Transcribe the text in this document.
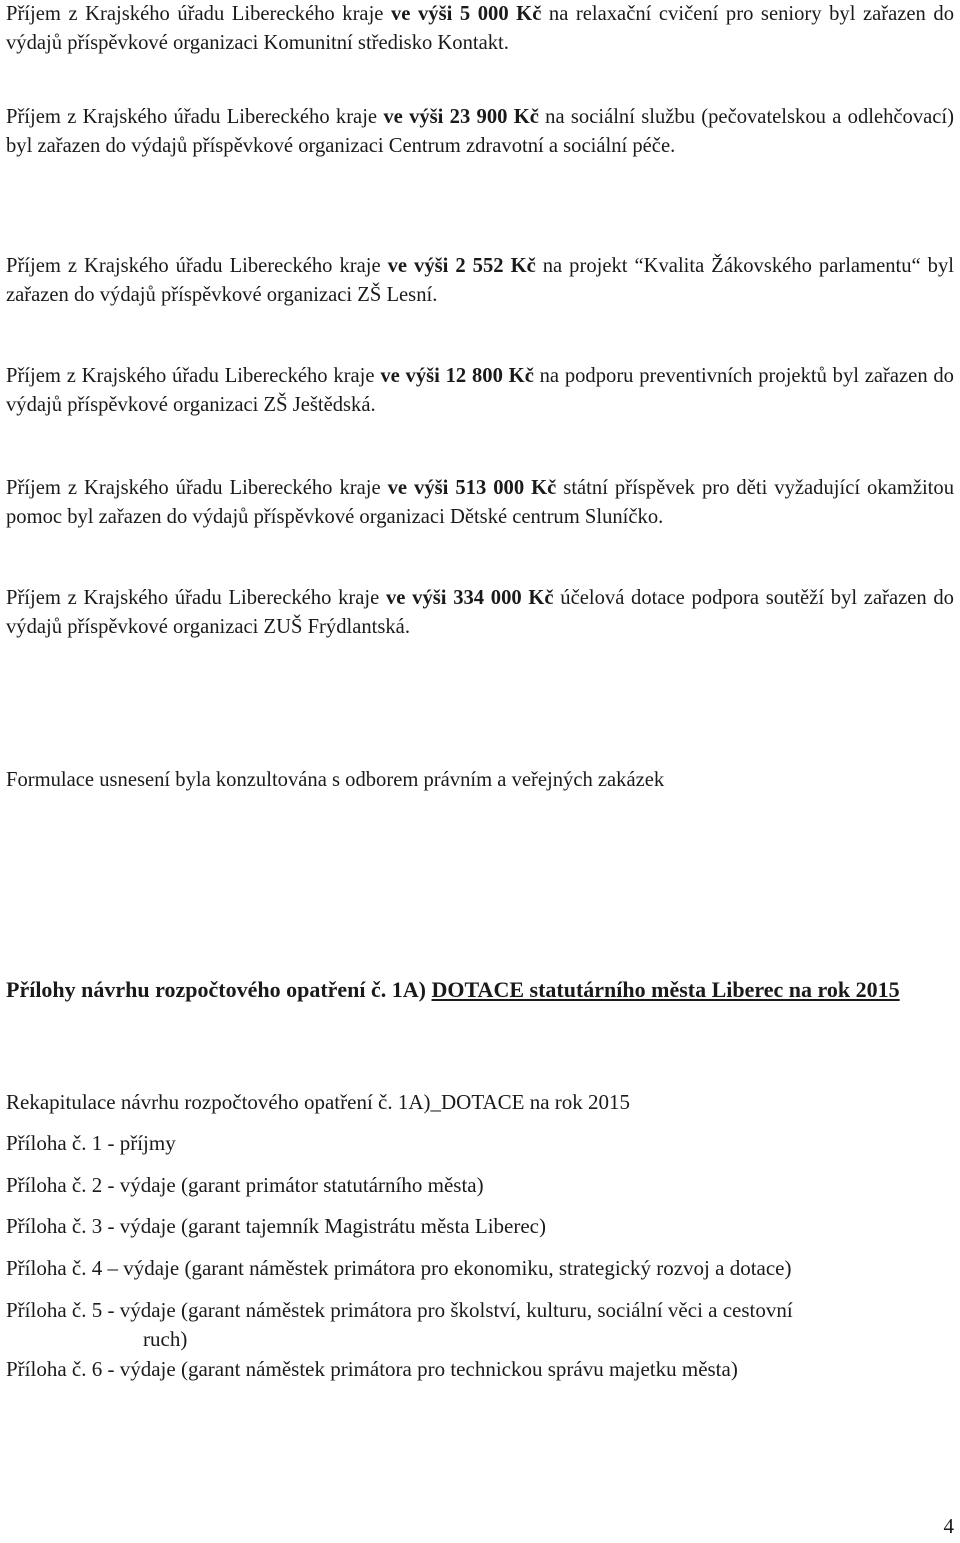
Příjem z Krajského úřadu Libereckého kraje ve výši 5 000 Kč na relaxační cvičení pro seniory byl zařazen do výdajů příspěvkové organizaci Komunitní středisko Kontakt.

Příjem z Krajského úřadu Libereckého kraje ve výši 23 900 Kč na sociální službu (pečovatelskou a odlehčovací) byl zařazen do výdajů příspěvkové organizaci Centrum zdravotní a sociální péče.

Příjem z Krajského úřadu Libereckého kraje ve výši 2 552 Kč na projekt “Kvalita Žákovského parlamentu“ byl zařazen do výdajů příspěvkové organizaci ZŠ Lesní.

Příjem z Krajského úřadu Libereckého kraje ve výši 12 800 Kč na podporu preventivních projektů byl zařazen do výdajů příspěvkové organizaci ZŠ Ještědská.

Příjem z Krajského úřadu Libereckého kraje ve výši 513 000 Kč státní příspěvek pro děti vyžadující okamžitou pomoc byl zařazen do výdajů příspěvkové organizaci Dětské centrum Sluníčko.

Příjem z Krajského úřadu Libereckého kraje ve výši 334 000 Kč účelová dotace podpora soutěží byl zařazen do výdajů příspěvkové organizaci ZUŠ Frýdlantská.

Formulace usnesení byla konzultována s odborem právním a veřejných zakázek

Přílohy návrhu rozpočtového opatření č. 1A) DOTACE statutárního města Liberec na rok 2015

Rekapitulace návrhu rozpočtového opatření č. 1A)_DOTACE na rok 2015

Příloha č. 1 - příjmy

Příloha č. 2 - výdaje (garant primátor statutárního města)

Příloha č. 3 - výdaje (garant tajemník Magistrátu města Liberec)

Příloha č. 4 – výdaje (garant náměstek primátora pro ekonomiku, strategický rozvoj a dotace)

Příloha č. 5 - výdaje (garant náměstek primátora pro školství, kulturu, sociální věci a cestovní
ruch)

Příloha č. 6 - výdaje (garant náměstek primátora pro technickou správu majetku města)

4
